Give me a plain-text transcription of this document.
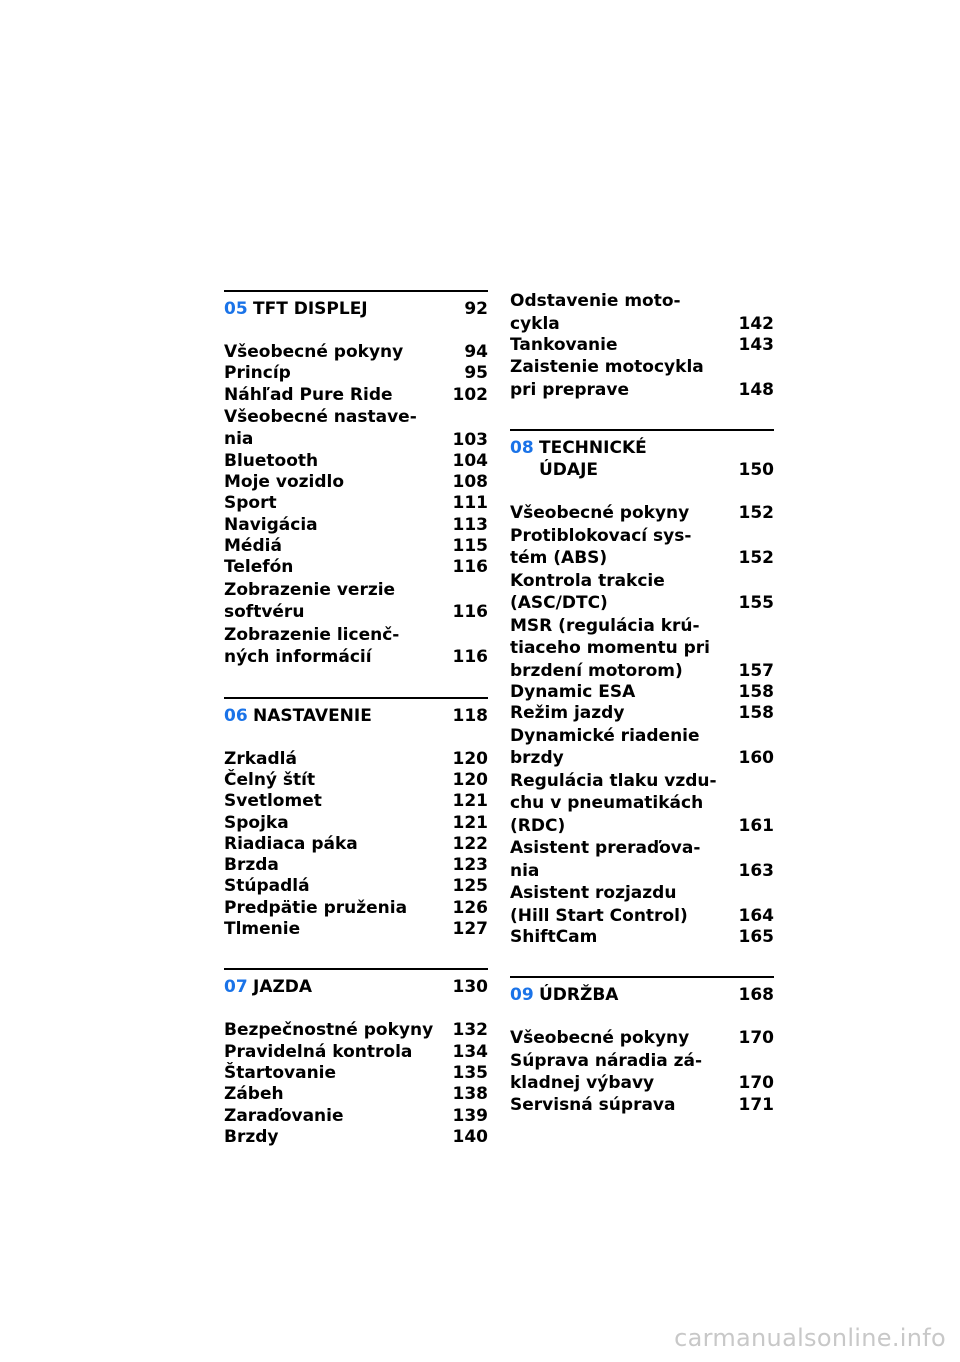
05 TFT DISPLEJ	92
Všeobecné pokyny	94
Princíp	95
Náhľad Pure Ride	102
Všeobecné nastave-
nia	103
Bluetooth	104
Moje vozidlo	108
Sport	111
Navigácia	113
Médiá	115
Telefón	116
Zobrazenie verzie
softvéru	116
Zobrazenie licenč-
ných informácií	116
06 NASTAVENIE	118
Zrkadlá	120
Čelný štít	120
Svetlomet	121
Spojka	121
Riadiaca páka	122
Brzda	123
Stúpadlá	125
Predpätie pruženia	126
Tlmenie	127
07 JAZDA	130
Bezpečnostné pokyny	132
Pravidelná kontrola	134
Štartovanie	135
Zábeh	138
Zaraďovanie	139
Brzdy	140
Odstavenie moto-
cykla	142
Tankovanie	143
Zaistenie motocykla
pri preprave	148
08 TECHNICKÉ
ÚDAJE	150
Všeobecné pokyny	152
Protiblokovací sys-
tém (ABS)	152
Kontrola trakcie
(ASC/DTC)	155
MSR (regulácia krú-
tiaceho momentu pri
brzdení motorom)	157
Dynamic ESA	158
Režim jazdy	158
Dynamické riadenie
brzdy	160
Regulácia tlaku vzdu-
chu v pneumatikách
(RDC)	161
Asistent preraďova-
nia	163
Asistent rozjazdu
(Hill Start Control)	164
ShiftCam	165
09 ÚDRŽBA	168
Všeobecné pokyny	170
Súprava náradia zá-
kladnej výbavy	170
Servisná súprava	171
carmanualsonline.info
